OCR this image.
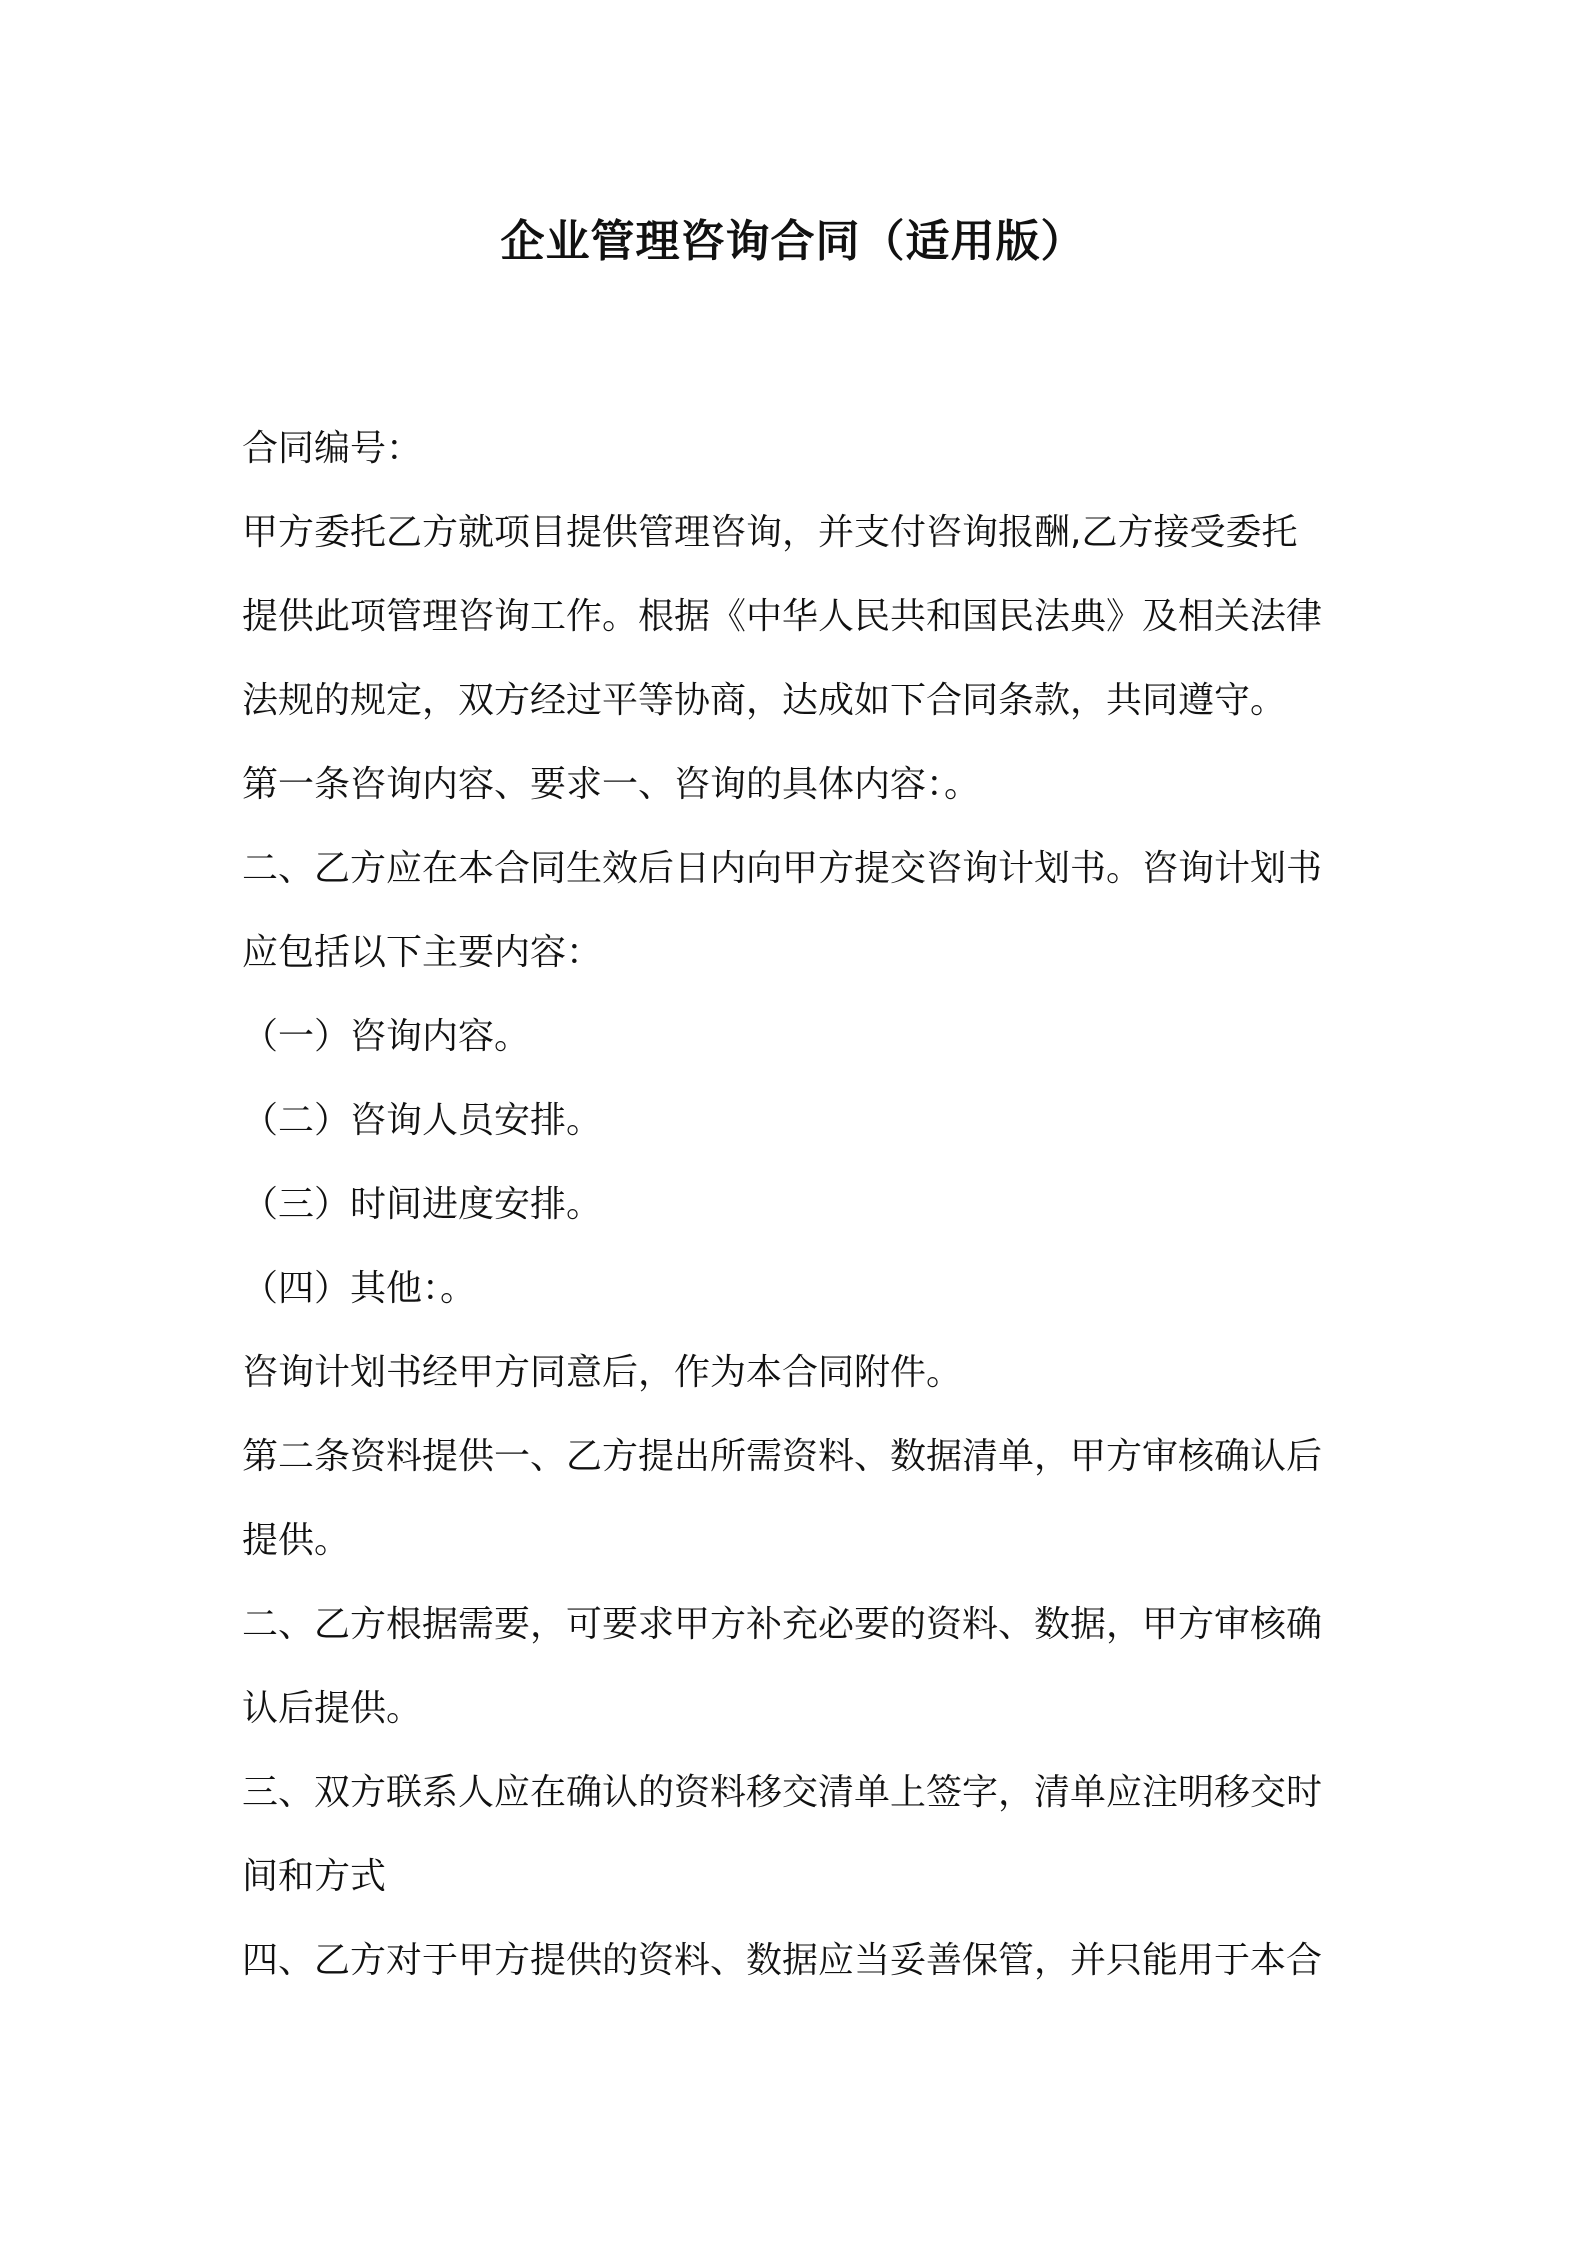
企业管理咨询合同（适用版）
合同编号：
甲方委托乙方就项目提供管理咨询，并支付咨询报酬,乙方接受委托
提供此项管理咨询工作。根据《中华人民共和国民法典》及相关法律
法规的规定，双方经过平等协商，达成如下合同条款，共同遵守。
第一条咨询内容、要求一、咨询的具体内容：。
二、乙方应在本合同生效后日内向甲方提交咨询计划书。咨询计划书
应包括以下主要内容：
（一）咨询内容。
（二）咨询人员安排。
（三）时间进度安排。
（四）其他：。
咨询计划书经甲方同意后，作为本合同附件。
第二条资料提供一、乙方提出所需资料、数据清单，甲方审核确认后
提供。
二、乙方根据需要，可要求甲方补充必要的资料、数据，甲方审核确
认后提供。
三、双方联系人应在确认的资料移交清单上签字，清单应注明移交时
间和方式
四、乙方对于甲方提供的资料、数据应当妥善保管，并只能用于本合
